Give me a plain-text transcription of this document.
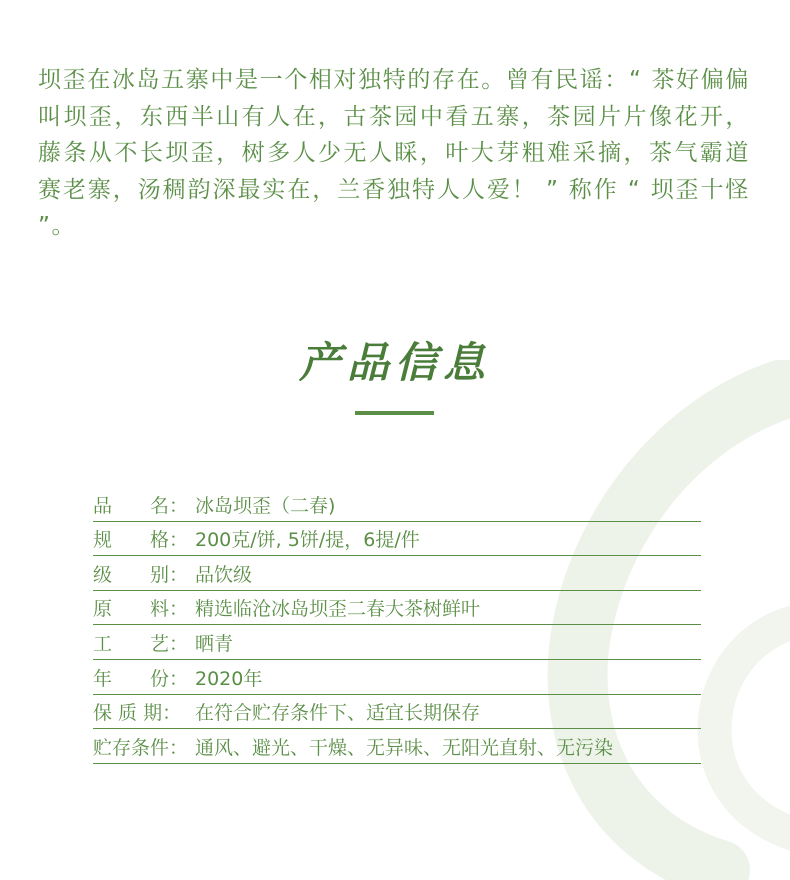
坝歪在冰岛五寨中是一个相对独特的存在。曾有民谣：“ 茶好偏偏叫坝歪，东西半山有人在，古茶园中看五寨，茶园片片像花开，藤条从不长坝歪，树多人少无人睬，叶大芽粗难采摘，茶气霸道赛老寨，汤稠韵深最实在，兰香独特人人爱！ ” 称作 “ 坝歪十怪 ”。

产品信息
品　　名： 冰岛坝歪（二春)
规　　格： 200克/饼, 5饼/提，6提/件
级　　别： 品饮级
原　　料： 精选临沧冰岛坝歪二春大茶树鲜叶
工　　艺： 晒青
年　　份： 2020年
保 质 期： 在符合贮存条件下、适宜长期保存
贮存条件： 通风、避光、干燥、无异味、无阳光直射、无污染
